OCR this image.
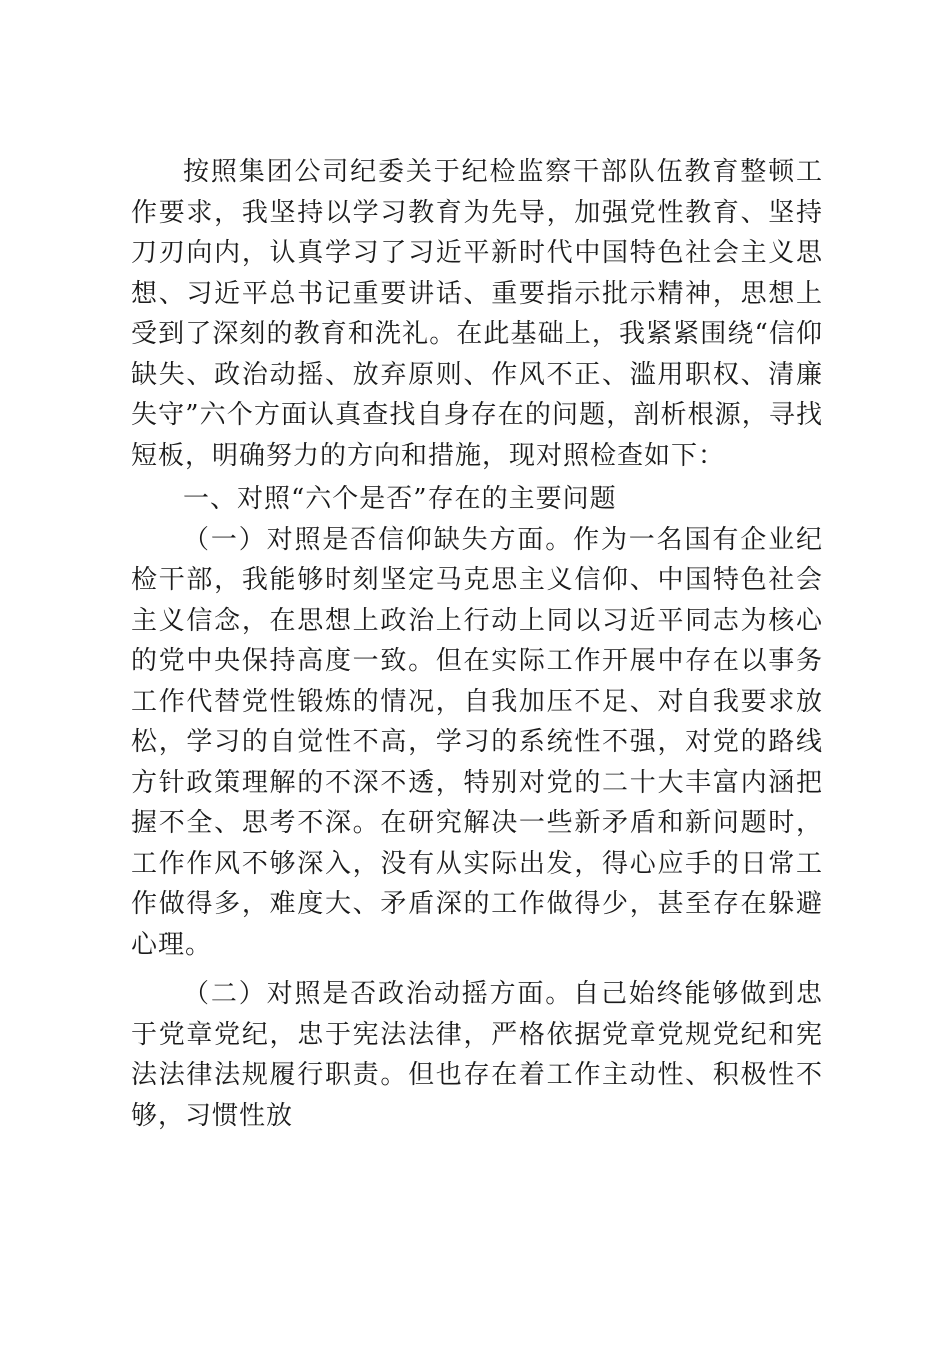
按照集团公司纪委关于纪检监察干部队伍教育整顿工作要求，我坚持以学习教育为先导，加强党性教育、坚持刀刃向内，认真学习了习近平新时代中国特色社会主义思想、习近平总书记重要讲话、重要指示批示精神，思想上受到了深刻的教育和洗礼。在此基础上，我紧紧围绕“信仰缺失、政治动摇、放弃原则、作风不正、滥用职权、清廉失守”六个方面认真查找自身存在的问题，剖析根源，寻找短板，明确努力的方向和措施，现对照检查如下：

一、对照“六个是否”存在的主要问题

（一）对照是否信仰缺失方面。作为一名国有企业纪检干部，我能够时刻坚定马克思主义信仰、中国特色社会主义信念，在思想上政治上行动上同以习近平同志为核心的党中央保持高度一致。但在实际工作开展中存在以事务工作代替党性锻炼的情况，自我加压不足、对自我要求放松，学习的自觉性不高，学习的系统性不强，对党的路线方针政策理解的不深不透，特别对党的二十大丰富内涵把握不全、思考不深。在研究解决一些新矛盾和新问题时，工作作风不够深入，没有从实际出发，得心应手的日常工作做得多，难度大、矛盾深的工作做得少，甚至存在躲避心理。

（二）对照是否政治动摇方面。自己始终能够做到忠于党章党纪，忠于宪法法律，严格依据党章党规党纪和宪法法律法规履行职责。但也存在着工作主动性、积极性不够，习惯性放
